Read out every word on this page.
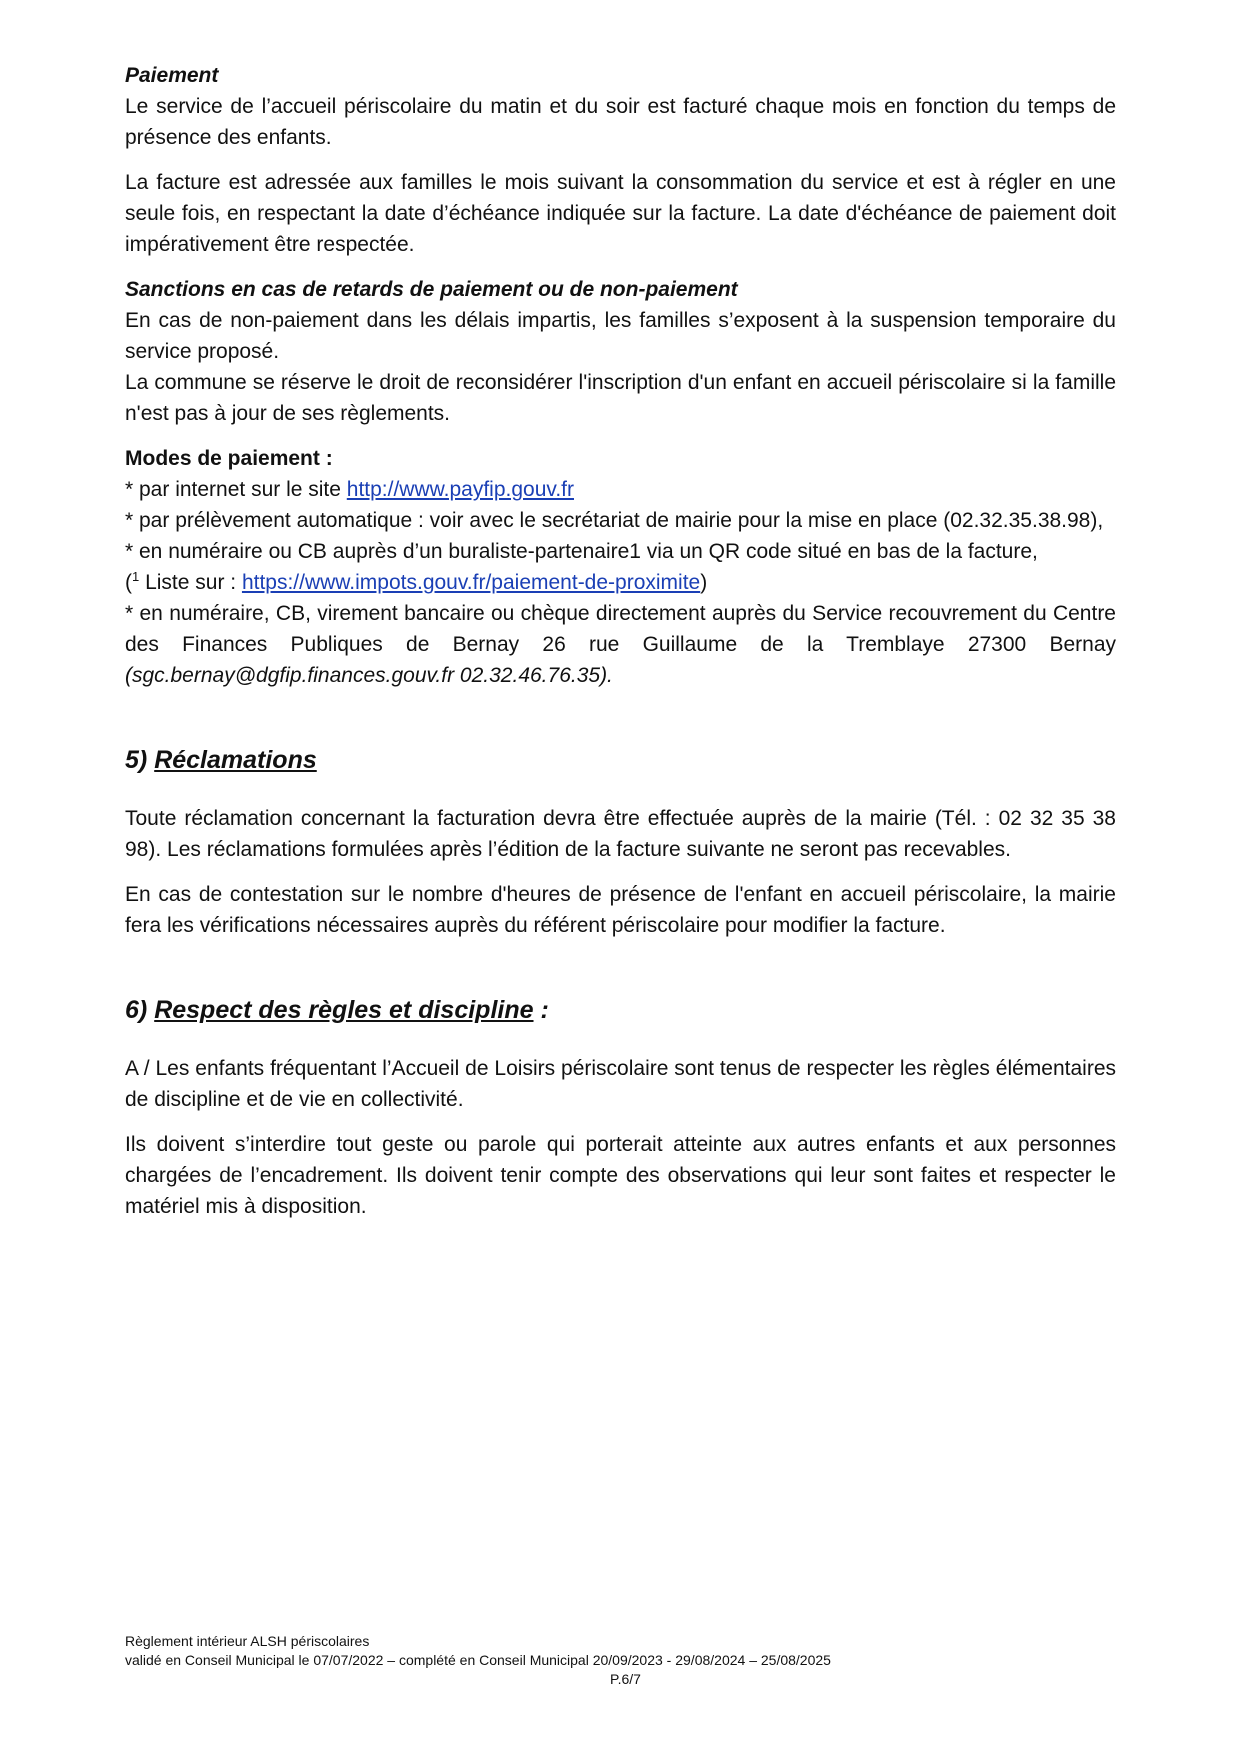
Paiement
Le service de l’accueil périscolaire du matin et du soir est facturé chaque mois en fonction du temps de présence des enfants.
La facture est adressée aux familles le mois suivant la consommation du service et est à régler en une seule fois, en respectant la date d’échéance indiquée sur la facture. La date d'échéance de paiement doit impérativement être respectée.
Sanctions en cas de retards de paiement ou de non-paiement
En cas de non-paiement dans les délais impartis, les familles s’exposent à la suspension temporaire du service proposé.
La commune se réserve le droit de reconsidérer l'inscription d'un enfant en accueil périscolaire si la famille n'est pas à jour de ses règlements.
Modes de paiement :
* par internet sur le site http://www.payfip.gouv.fr
* par prélèvement automatique : voir avec le secrétariat de mairie pour la mise en place (02.32.35.38.98),
* en numéraire ou CB auprès d’un buraliste-partenaire1 via un QR code situé en bas de la facture,
($^1$ Liste sur : https://www.impots.gouv.fr/paiement-de-proximite)
* en numéraire, CB, virement bancaire ou chèque directement auprès du Service recouvrement du Centre des Finances Publiques de Bernay 26 rue Guillaume de la Tremblaye 27300 Bernay (sgc.bernay@dgfip.finances.gouv.fr 02.32.46.76.35).
5) Réclamations
Toute réclamation concernant la facturation devra être effectuée auprès de la mairie (Tél. : 02 32 35 38 98). Les réclamations formulées après l’édition de la facture suivante ne seront pas recevables.
En cas de contestation sur le nombre d'heures de présence de l'enfant en accueil périscolaire, la mairie fera les vérifications nécessaires auprès du référent périscolaire pour modifier la facture.
6) Respect des règles et discipline :
A / Les enfants fréquentant l’Accueil de Loisirs périscolaire sont tenus de respecter les règles élémentaires de discipline et de vie en collectivité.
Ils doivent s’interdire tout geste ou parole qui porterait atteinte aux autres enfants et aux personnes chargées de l’encadrement. Ils doivent tenir compte des observations qui leur sont faites et respecter le matériel mis à disposition.
Règlement intérieur ALSH périscolaires
validé en Conseil Municipal le 07/07/2022 – complété en Conseil Municipal 20/09/2023 - 29/08/2024 – 25/08/2025
P.6/7
